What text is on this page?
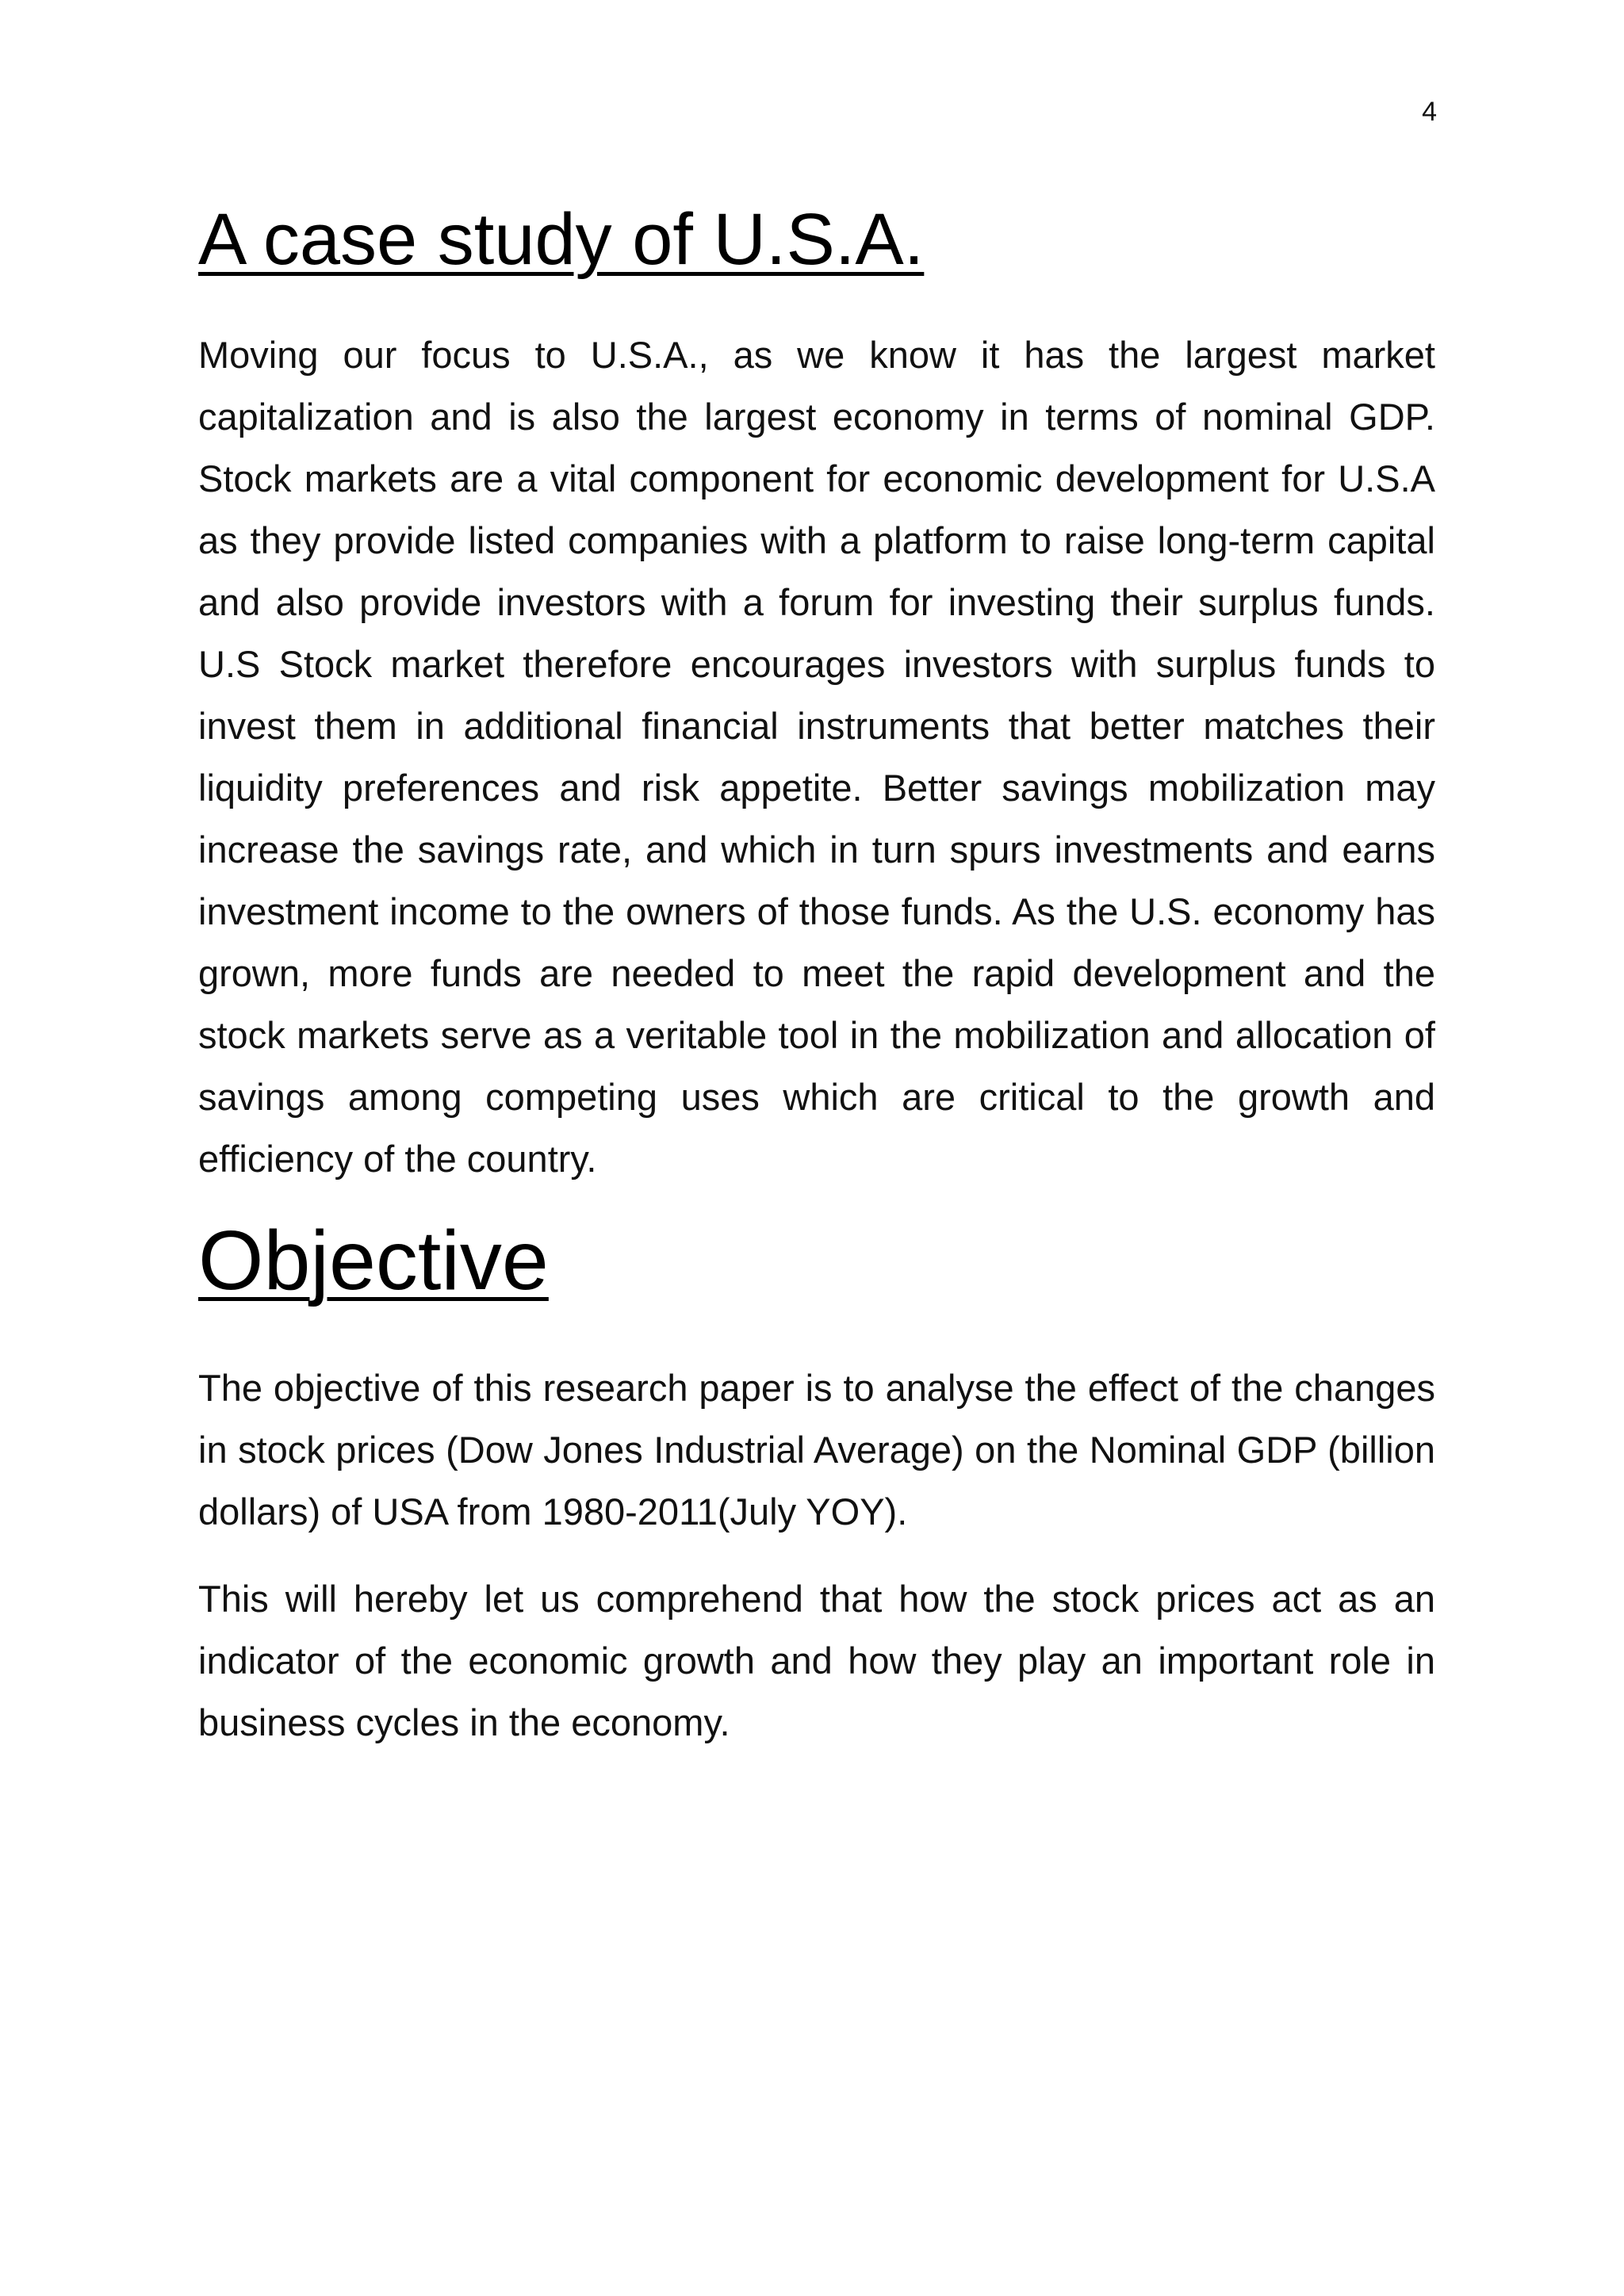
4
A case study of U.S.A.

Moving our focus to U.S.A., as we know it has the largest market capitalization and is also the largest economy in terms of nominal GDP. Stock markets are a vital component for economic development for U.S.A as they provide listed companies with a platform to raise long-term capital and also provide investors with a forum for investing their surplus funds. U.S Stock market therefore encourages investors with surplus funds to invest them in additional financial instruments that better matches their liquidity preferences and risk appetite. Better savings mobilization may increase the savings rate, and which in turn spurs investments and earns investment income to the owners of those funds. As the U.S. economy has grown, more funds are needed to meet the rapid development and the stock markets serve as a veritable tool in the mobilization and allocation of savings among competing uses which are critical to the growth and efficiency of the country.

Objective

The objective of this research paper is to analyse the effect of the changes in stock prices (Dow Jones Industrial Average) on the Nominal GDP (billion dollars) of USA from 1980-2011(July YOY).

This will hereby let us comprehend that how the stock prices act as an indicator of the economic growth and how they play an important role in business cycles in the economy.
